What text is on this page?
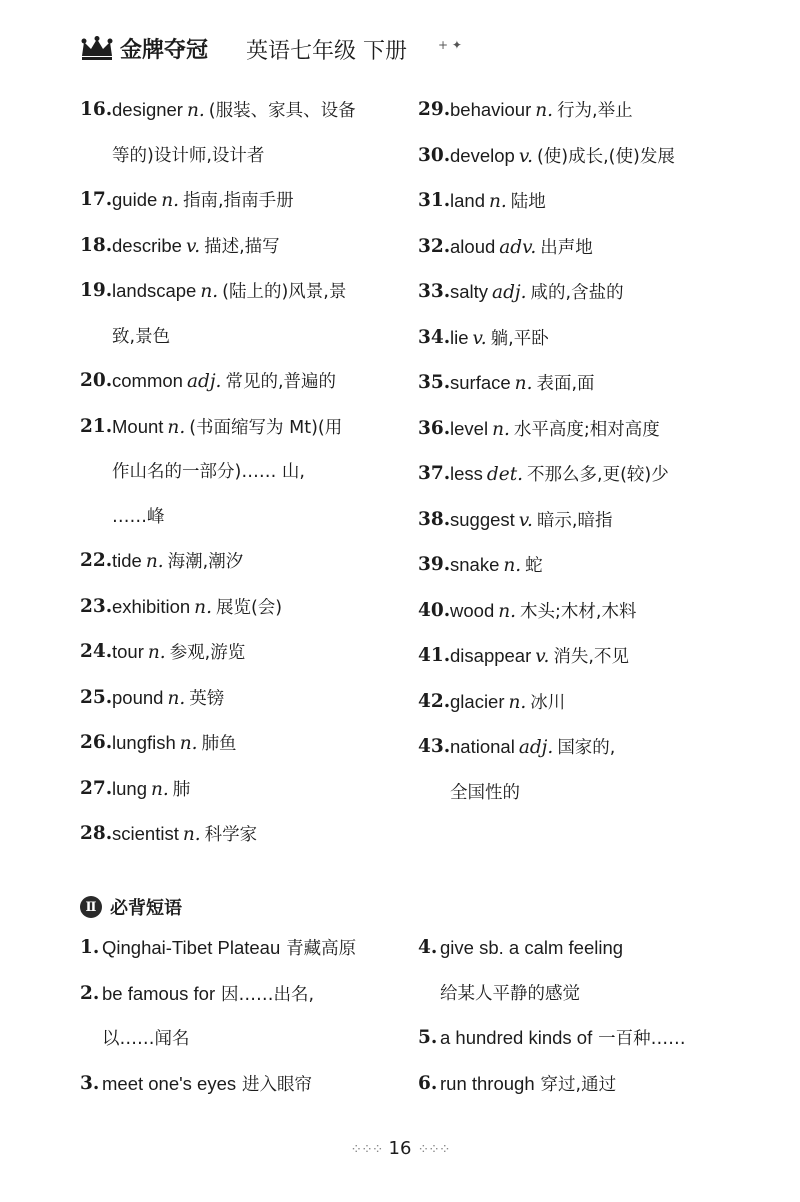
金牌夺冠 英语七年级 下册	+ ✦
16. designer n. (服装、家具、设备
等的)设计师,设计者
17. guide n. 指南,指南手册
18. describe v. 描述,描写
19. landscape n. (陆上的)风景,景
致,景色
20. common adj. 常见的,普遍的
21. Mount n. (书面缩写为 Mt)(用
作山名的一部分)…… 山,
……峰
22. tide n. 海潮,潮汐
23. exhibition n. 展览(会)
24. tour n. 参观,游览
25. pound n. 英镑
26. lungfish n. 肺鱼
27. lung n. 肺
28. scientist n. 科学家
29. behaviour n. 行为,举止
30. develop v. (使)成长,(使)发展
31. land n. 陆地
32. aloud adv. 出声地
33. salty adj. 咸的,含盐的
34. lie v. 躺,平卧
35. surface n. 表面,面
36. level n. 水平高度;相对高度
37. less det. 不那么多,更(较)少
38. suggest v. 暗示,暗指
39. snake n. 蛇
40. wood n. 木头;木材,木料
41. disappear v. 消失,不见
42. glacier n. 冰川
43. national adj. 国家的,
全国性的
Ⅱ 必背短语
1. Qinghai-Tibet Plateau 青藏高原
2. be famous for 因……出名,
以……闻名
3. meet one's eyes 进入眼帘
4. give sb. a calm feeling
给某人平静的感觉
5. a hundred kinds of 一百种……
6. run through 穿过,通过
⁘⁘⁘ 16 ⁘⁘⁘
